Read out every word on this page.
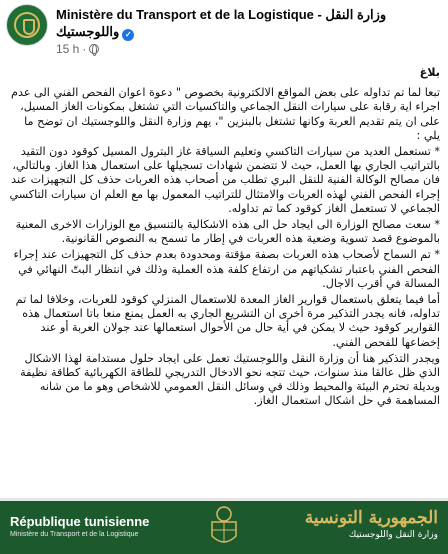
Ministère du Transport et de la Logistique - وزارة النقل واللوجستيك ✓
15 h ·

بلاغ

تبعا لما تم تداوله على بعض المواقع الالكترونية بخصوص " دعوة اعوان الفحص الفني الى عدم اجراء اية رقابة على سيارات النقل الجماعي والتاكسيات التي تشتغل بمكونات الغاز المسيل، على ان يتم تقديم العربة وكانها تشتغل بالبنزين "، يهم وزارة النقل واللوجستيك ان توضح ما يلي :

* تستعمل العديد من سيارات التاكسي وتعليم السياقة غاز البترول المسيل كوقود دون التقيد بالتراتيب الجاري بها العمل، حيث لا تتضمن شهادات تسجيلها على استعمال هذا الغاز. وبالتالي، فان مصالح الوكالة الفنية للنقل البري تطلب من أصحاب هذه العربات حذف كل التجهيزات عند إجراء الفحص الفني لهذه العربات والامتثال للتراتيب المعمول بها مع العلم ان سيارات التاكسي الجماعي لا تستعمل الغاز كوقود كما تم تداوله.

* سعت مصالح الوزارة الى ايجاد حل الى هذه الاشكالية بالتنسيق مع الوزارات الاخرى المعنية بالموضوع قصد تسوية وضعية هذه العربات في إطار ما تسمح به النصوص القانونية.

* تم السماح لأصحاب هذه العربات بصفة مؤقتة ومحدودة بعدم حذف كل التجهيزات عند إجراء الفحص الفني باعتبار تشكياتهم من ارتفاع كلفة هذه العملية وذلك في انتظار البتّ النهائي في المسالة في أقرب الاجال.

أما فيما يتعلق باستعمال قوارير الغاز المعدة للاستعمال المنزلي كوقود للعربات، وخلافا لما تم تداوله، فانه يجدر التذكير مرة أخرى ان التشريع الجاري به العمل يمنع منعا باتا استعمال هذه القوارير كوقود حيث لا يمكن في أية حال من الأحوال استعمالها عند جولان العربة أو عند إخضاعها للفحص الفني.

ويجدر التذكير هنا أن وزارة النقل واللوجستيك تعمل على ايجاد حلول مستدامة لهذا الاشكال الذي ظل عالقا منذ سنوات، حيث تتجه نحو الادخال التدريجي للطاقة الكهربائية كطاقة نظيفة وبديلة تحترم البيئة والمحيط وذلك في وسائل النقل العمومي للاشخاص وهو ما من شانه المساهمة في حل اشكال استعمال الغاز.

République tunisienne
Ministère du Transport et de la Logistique
الجمهورية التونسية
وزارة النقل واللوجستيك
